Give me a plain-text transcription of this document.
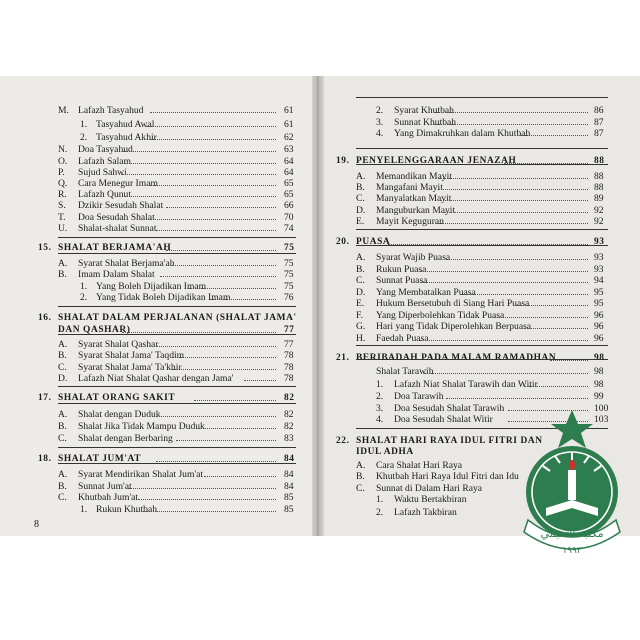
M. Lafazh Tasyahud	61
1. Tasyahud Awal	61
2. Tasyahud Akhir	62
N. Doa Tasyahud	63
O. Lafazh Salam	64
P. Sujud Sahwi	64
Q. Cara Menegur Imam	65
R. Lafazh Qunut	65
S. Dzikir Sesudah Shalat	66
T. Doa Sesudah Shalat	70
U. Shalat-shalat Sunnat	74
15. SHALAT BERJAMA'AH	75
A. Syarat Shalat Berjama'ah	75
B. Imam Dalam Shalat	75
1. Yang Boleh Dijadikan Imam	75
2. Yang Tidak Boleh Dijadikan Imam	76
16. SHALAT DALAM PERJALANAN (SHALAT JAMA'
DAN QASHAR)	77
A. Syarat Shalat Qashar	77
B. Syarat Shalat Jama' Taqdim	78
C. Syarat Shalat Jama' Ta'khir	78
D. Lafazh Niat Shalat Qashar dengan Jama'	78
17. SHALAT ORANG SAKIT	82
A. Shalat dengan Duduk	82
B. Shalat Jika Tidak Mampu Duduk	82
C. Shalat dengan Berbaring	83
18. SHALAT JUM'AT	84
A. Syarat Mendirikan Shalat Jum'at	84
B. Sunnat Jum'at	84
C. Khutbah Jum'at	85
1. Rukun Khutbah	85
2. Syarat Khutbah	86
3. Sunnat Khutbah	87
4. Yang Dimakruhkan dalam Khutbah	87
19. PENYELENGGARAAN JENAZAH	88
A. Memandikan Mayit	88
B. Mangafani Mayit	88
C. Manyalatkan Mayit	89
D. Manguburkan Mayit	92
E. Mayit Keguguran	92
20. PUASA	93
A. Syarat Wajib Puasa	93
B. Rukun Puasa	93
C. Sunnat Puasa	94
D. Yang Membatalkan Puasa	95
E. Hukum Bersetubuh di Siang Hari Puasa	95
F. Yang Diperbolehkan Tidak Puasa	96
G. Hari yang Tidak Diperolehkan Berpuasa	96
H. Faedah Puasa	96
21. BERIBADAH PADA MALAM RAMADHAN	98
Shalat Tarawih	98
1. Lafazh Niat Shalat Tarawih dan Witir	98
2. Doa Tarawih	99
3. Doa Sesudah Shalat Tarawih	100
4. Doa Sesudah Shalat Witir	103
22. SHALAT HARI RAYA IDUL FITRI DAN
IDUL ADHA
A. Cara Shalat Hari Raya
B. Khutbah Hari Raya Idul Fitri dan Idu
C. Sunnat di Dalam Hari Raya
1. Waktu Bertakbiran
2. Lafazh Takbiran
8
مكتبة التميمي
١٩٩٣
